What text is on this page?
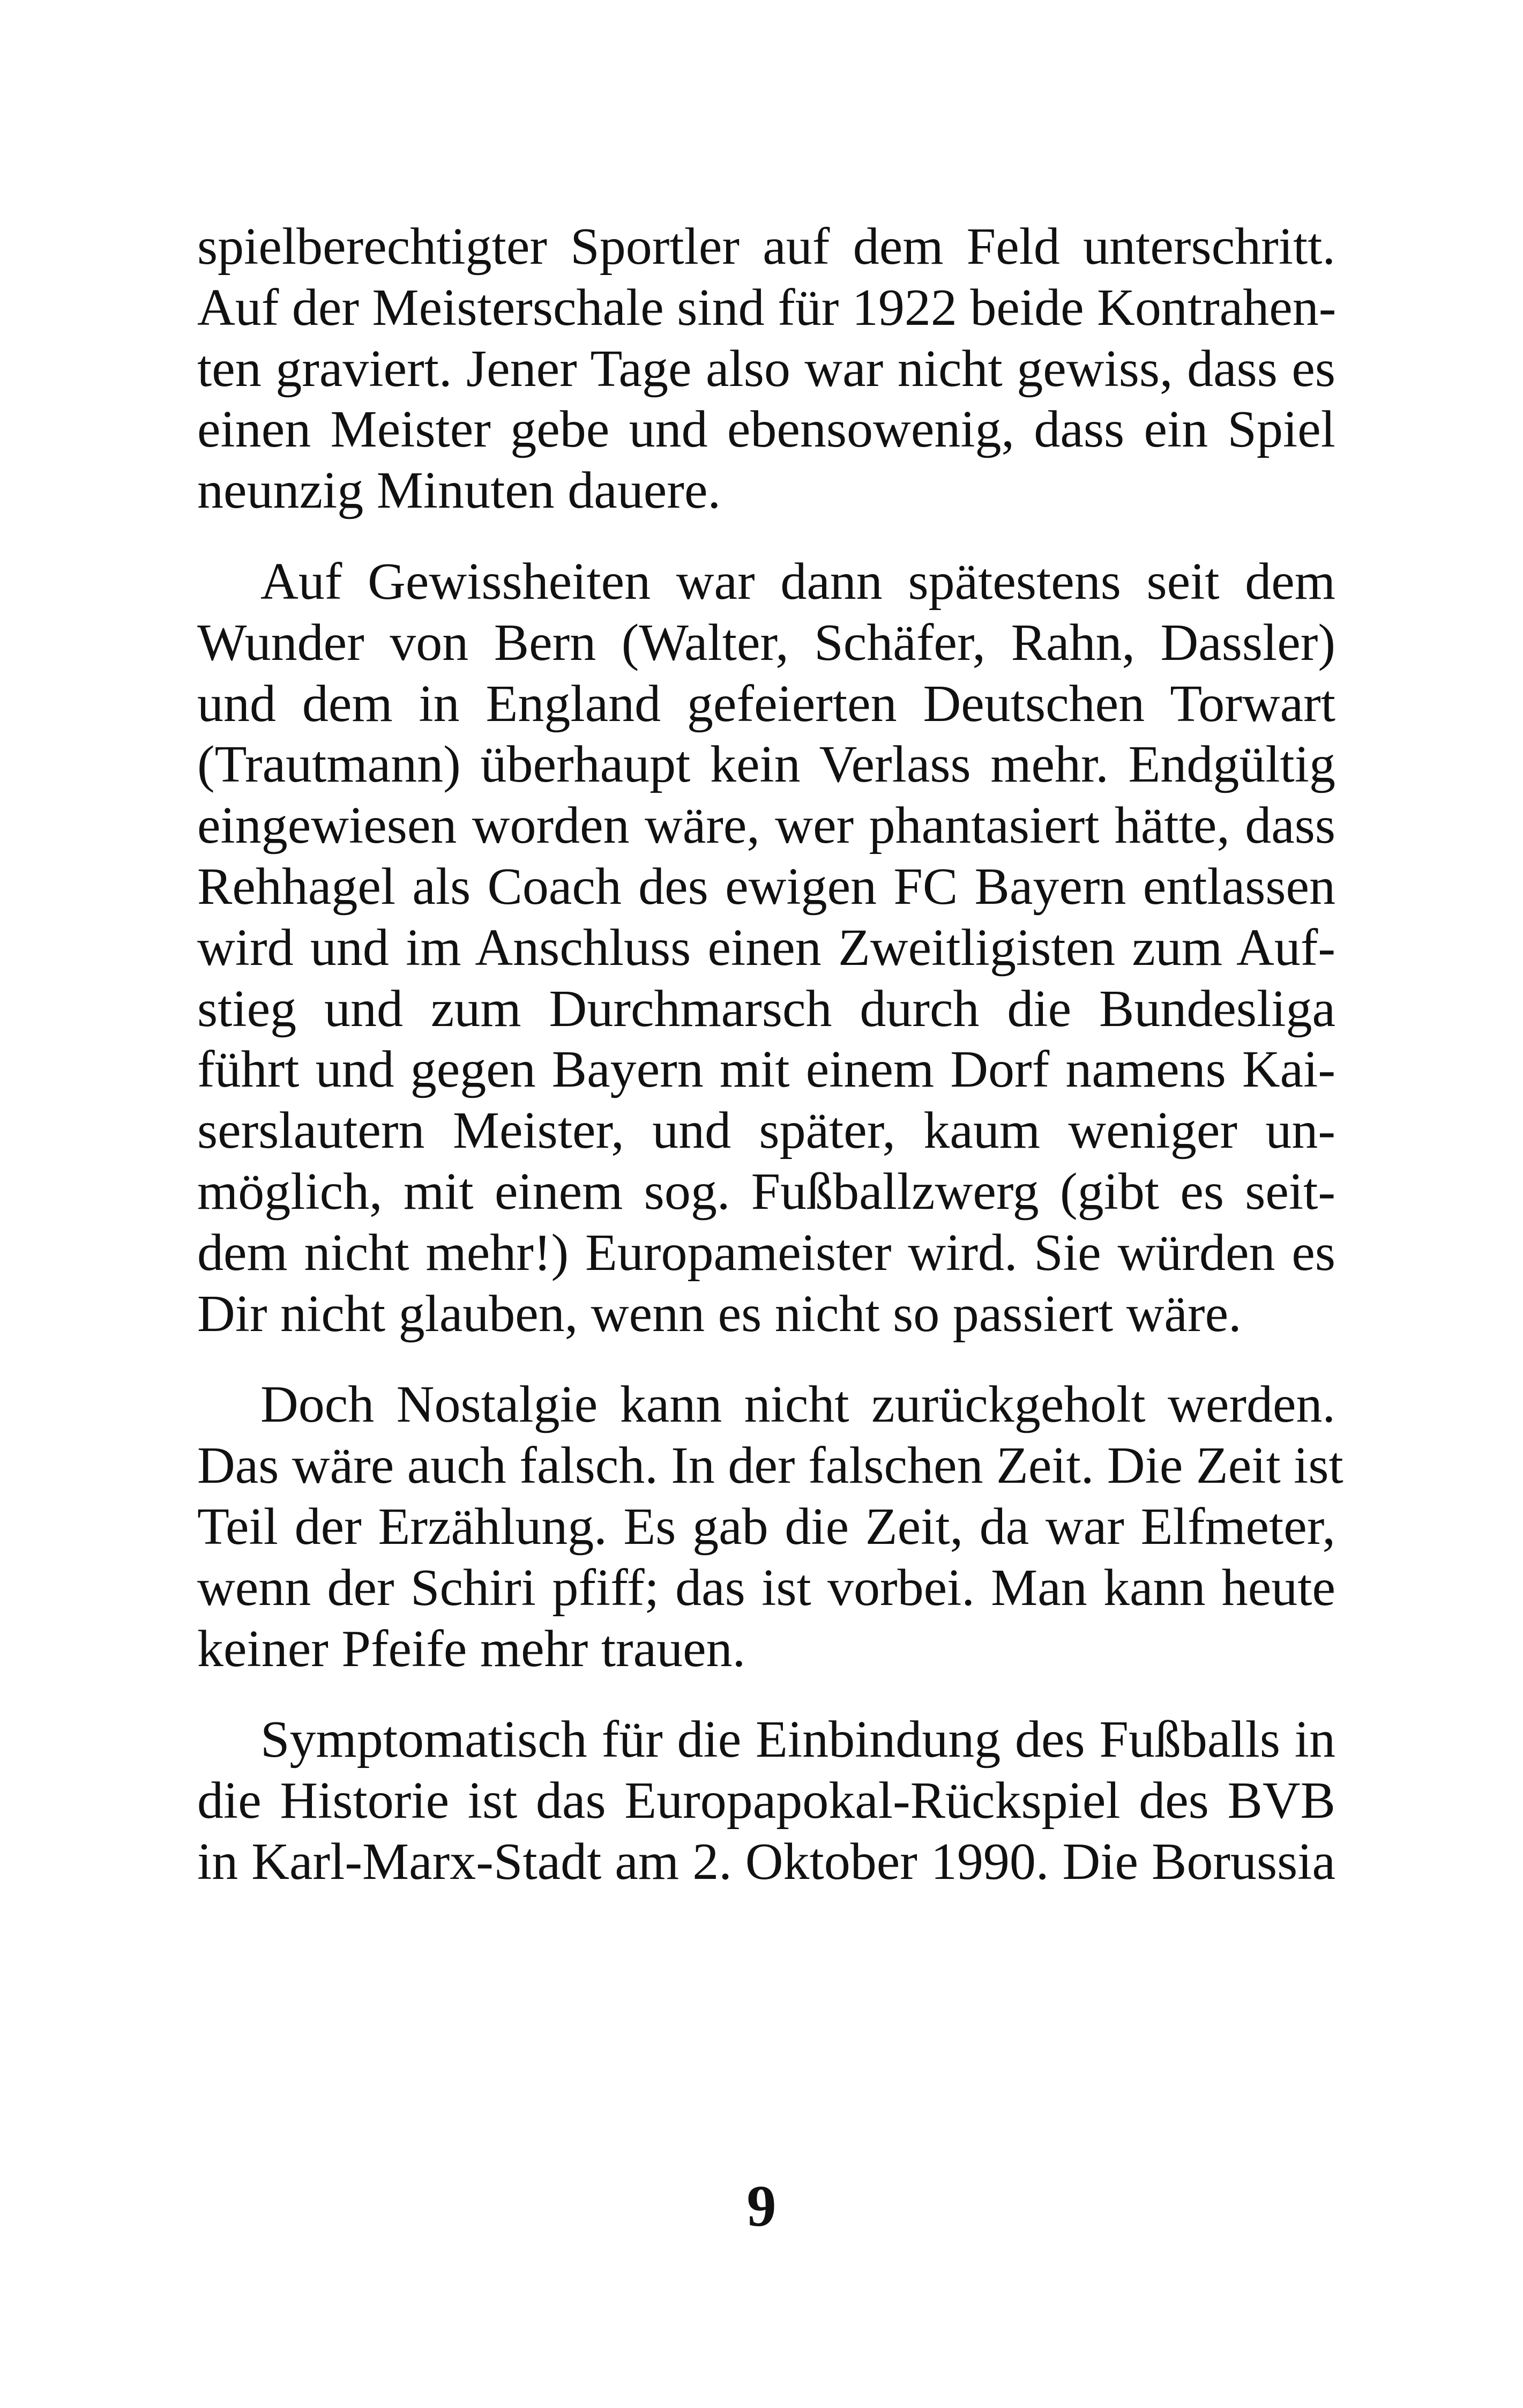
spielberechtigter Sportler auf dem Feld unterschritt.
Auf der Meisterschale sind für 1922 beide Kontrahen-
ten graviert. Jener Tage also war nicht gewiss, dass es
einen Meister gebe und ebensowenig, dass ein Spiel
neunzig Minuten dauere.
Auf Gewissheiten war dann spätestens seit dem
Wunder von Bern (Walter, Schäfer, Rahn, Dassler)
und dem in England gefeierten Deutschen Torwart
(Trautmann) überhaupt kein Verlass mehr. Endgültig
eingewiesen worden wäre, wer phantasiert hätte, dass
Rehhagel als Coach des ewigen FC Bayern entlassen
wird und im Anschluss einen Zweitligisten zum Auf-
stieg und zum Durchmarsch durch die Bundesliga
führt und gegen Bayern mit einem Dorf namens Kai-
serslautern Meister, und später, kaum weniger un-
möglich, mit einem sog. Fußballzwerg (gibt es seit-
dem nicht mehr!) Europameister wird. Sie würden es
Dir nicht glauben, wenn es nicht so passiert wäre.
Doch Nostalgie kann nicht zurückgeholt werden.
Das wäre auch falsch. In der falschen Zeit. Die Zeit ist
Teil der Erzählung. Es gab die Zeit, da war Elfmeter,
wenn der Schiri pfiff; das ist vorbei. Man kann heute
keiner Pfeife mehr trauen.
Symptomatisch für die Einbindung des Fußballs in
die Historie ist das Europapokal-Rückspiel des BVB
in Karl-Marx-Stadt am 2. Oktober 1990. Die Borussia
9
